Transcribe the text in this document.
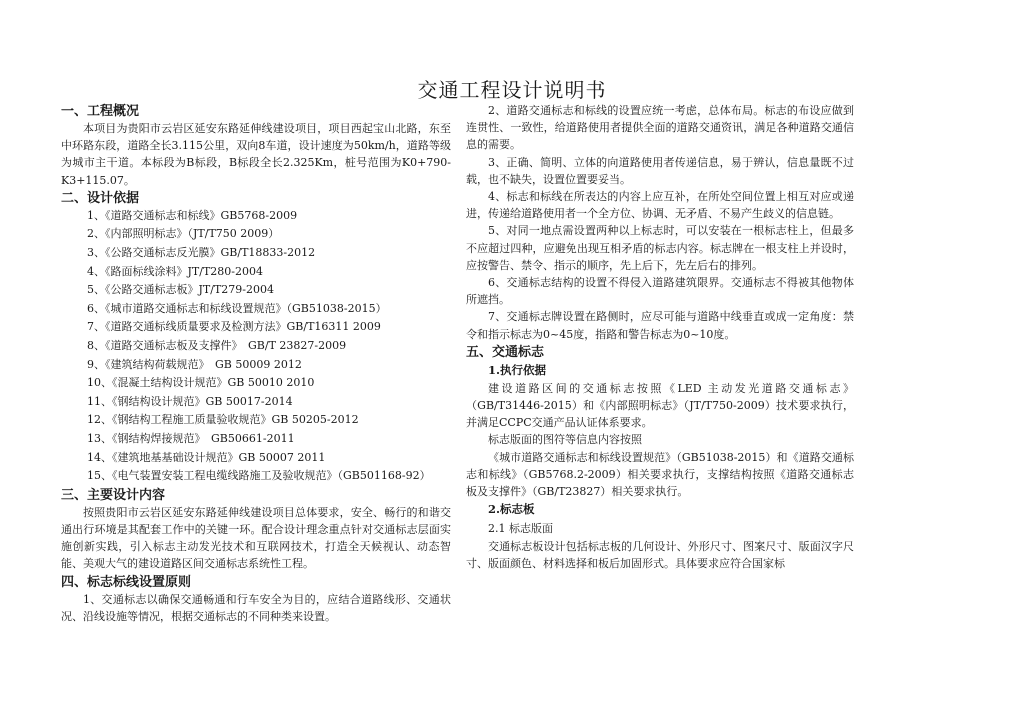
交通工程设计说明书
一、工程概况
本项目为贵阳市云岩区延安东路延伸线建设项目，项目西起宝山北路，东至中环路东段，道路全长3.115公里，双向8车道，设计速度为50km/h，道路等级为城市主干道。本标段为B标段，B标段全长2.325Km，桩号范围为K0+790-K3+115.07。
二、设计依据
1、《道路交通标志和标线》GB5768-2009
2、《内部照明标志》（JT/T750 2009）
3、《公路交通标志反光膜》GB/T18833-2012
4、《路面标线涂料》JT/T280-2004
5、《公路交通标志板》JT/T279-2004
6、《城市道路交通标志和标线设置规范》（GB51038-2015）
7、《道路交通标线质量要求及检测方法》GB/T16311 2009
8、《道路交通标志板及支撑件》　GB/T 23827-2009
9、《建筑结构荷载规范》　GB 50009 2012
10、《混凝土结构设计规范》GB 50010 2010
11、《钢结构设计规范》GB 50017-2014
12、《钢结构工程施工质量验收规范》GB 50205-2012
13、《钢结构焊接规范》　GB50661-2011
14、《建筑地基基础设计规范》GB 50007 2011
15、《电气装置安装工程电缆线路施工及验收规范》（GB501168-92）
三、主要设计内容
按照贵阳市云岩区延安东路延伸线建设项目总体要求，安全、畅行的和谐交通出行环境是其配套工作中的关键一环。配合设计理念重点针对交通标志层面实施创新实践，引入标志主动发光技术和互联网技术，打造全天候视认、动态智能、美观大气的建设道路区间交通标志系统性工程。
四、标志标线设置原则
1、交通标志以确保交通畅通和行车安全为目的，应结合道路线形、交通状况、沿线设施等情况，根据交通标志的不同种类来设置。
2、道路交通标志和标线的设置应统一考虑，总体布局。标志的布设应做到连贯性、一致性，给道路使用者提供全面的道路交通资讯，满足各种道路交通信息的需要。
3、正确、简明、立体的向道路使用者传递信息，易于辨认，信息量既不过载，也不缺失，设置位置要妥当。
4、标志和标线在所表达的内容上应互补，在所处空间位置上相互对应或递进，传递给道路使用者一个全方位、协调、无矛盾、不易产生歧义的信息链。
5、对同一地点需设置两种以上标志时，可以安装在一根标志柱上，但最多不应超过四种，应避免出现互相矛盾的标志内容。标志牌在一根支柱上并设时，应按警告、禁令、指示的顺序，先上后下，先左后右的排列。
6、交通标志结构的设置不得侵入道路建筑限界。交通标志不得被其他物体所遮挡。
7、交通标志牌设置在路侧时，应尽可能与道路中线垂直或成一定角度：禁令和指示标志为0~45度，指路和警告标志为0~10度。
五、交通标志
1.执行依据
建设道路区间的交通标志按照《LED 主动发光道路交通标志》（GB/T31446-2015）和《内部照明标志》（JT/T750-2009）技术要求执行，并满足CCPC交通产品认证体系要求。
标志版面的图符等信息内容按照
《城市道路交通标志和标线设置规范》（GB51038-2015）和《道路交通标志和标线》（GB5768.2-2009）相关要求执行，支撑结构按照《道路交通标志板及支撑件》（GB/T23827）相关要求执行。
2.标志板
2.1 标志版面
交通标志板设计包括标志板的几何设计、外形尺寸、图案尺寸、版面汉字尺寸、版面颜色、材料选择和板后加固形式。具体要求应符合国家标
